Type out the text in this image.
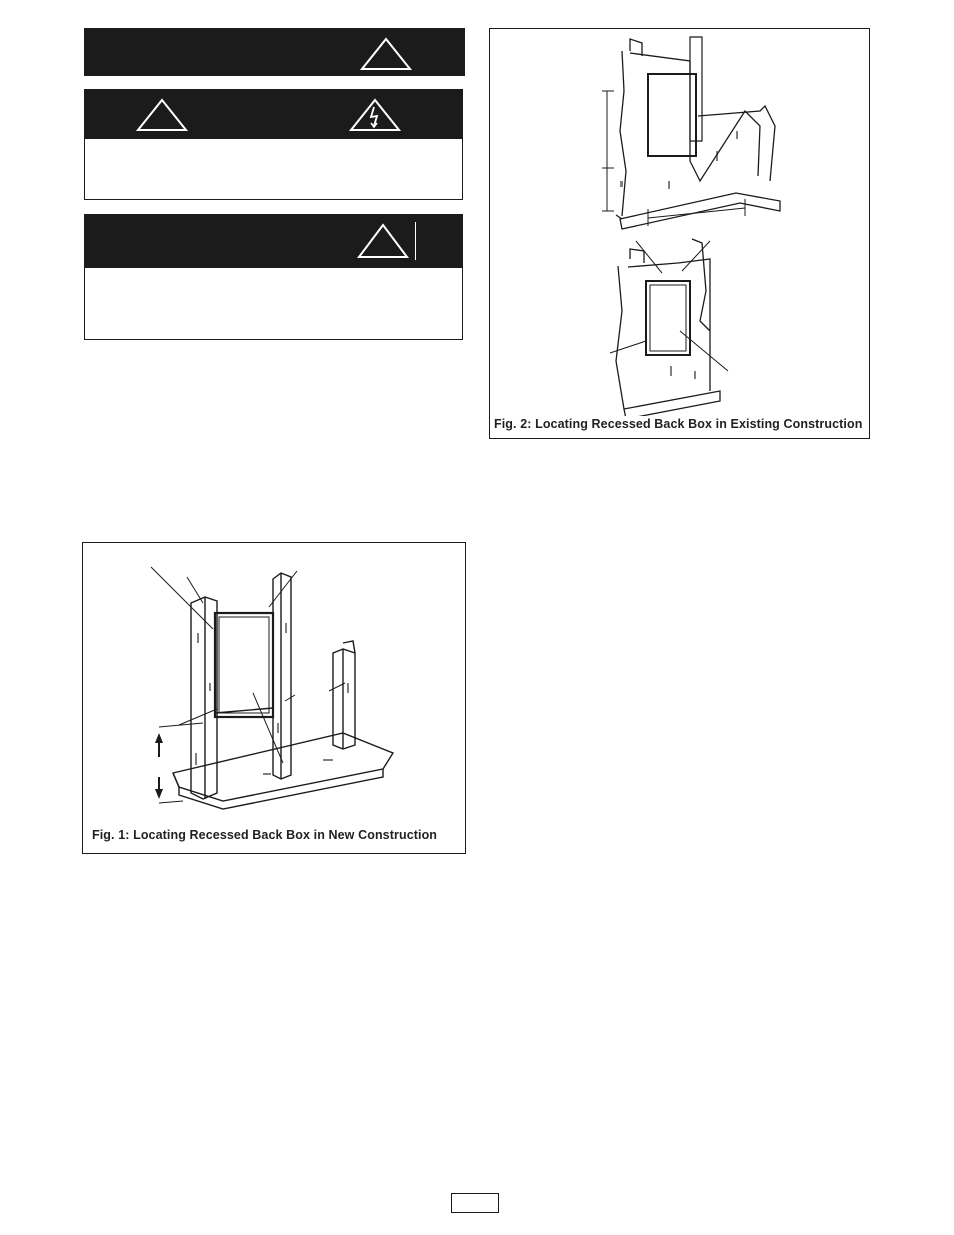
Fig. 2: Locating Recessed Back Box in Existing Construction
Fig. 1: Locating Recessed Back Box in New Construction
